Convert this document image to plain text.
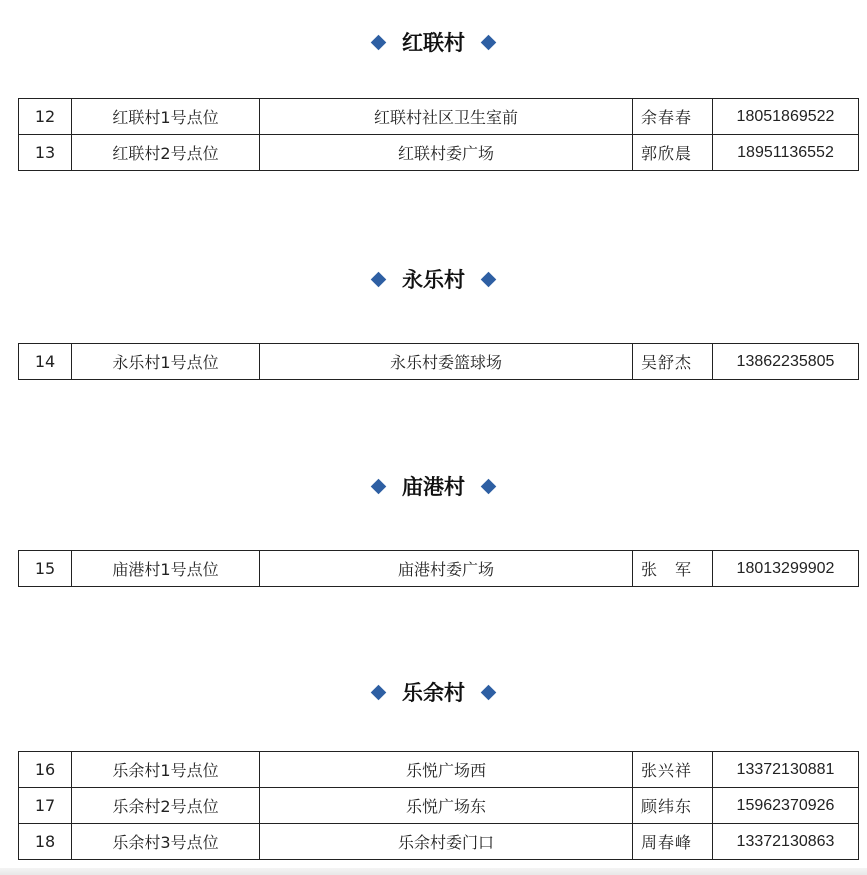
红联村
12	红联村1号点位	红联村社区卫生室前	余春春	18051869522
13	红联村2号点位	红联村委广场	郭欣晨	18951136552
永乐村
14	永乐村1号点位	永乐村委篮球场	吴舒杰	13862235805
庙港村
15	庙港村1号点位	庙港村委广场	张　军	18013299902
乐余村
16	乐余村1号点位	乐悦广场西	张兴祥	13372130881
17	乐余村2号点位	乐悦广场东	顾纬东	15962370926
18	乐余村3号点位	乐余村委门口	周春峰	13372130863
